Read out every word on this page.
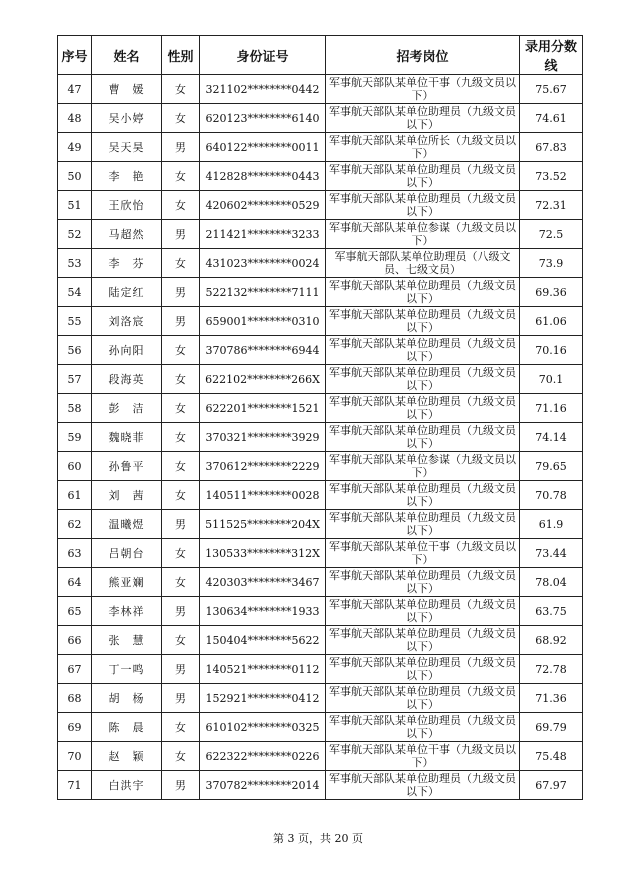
序号	姓名	性别	身份证号	招考岗位	录用分数线
47	曹　媛	女	321102********0442	军事航天部队某单位干事（九级文员以下）	75.67
48	吴小婷	女	620123********6140	军事航天部队某单位助理员（九级文员以下）	74.61
49	吴天昊	男	640122********0011	军事航天部队某单位所长（九级文员以下）	67.83
50	李　艳	女	412828********0443	军事航天部队某单位助理员（九级文员以下）	73.52
51	王欣怡	女	420602********0529	军事航天部队某单位助理员（九级文员以下）	72.31
52	马超然	男	211421********3233	军事航天部队某单位参谋（九级文员以下）	72.5
53	李　芬	女	431023********0024	军事航天部队某单位助理员（八级文员、七级文员）	73.9
54	陆定红	男	522132********7111	军事航天部队某单位助理员（九级文员以下）	69.36
55	刘洛宸	男	659001********0310	军事航天部队某单位助理员（九级文员以下）	61.06
56	孙向阳	女	370786********6944	军事航天部队某单位助理员（九级文员以下）	70.16
57	段海英	女	622102********266X	军事航天部队某单位助理员（九级文员以下）	70.1
58	彭　洁	女	622201********1521	军事航天部队某单位助理员（九级文员以下）	71.16
59	魏晓菲	女	370321********3929	军事航天部队某单位助理员（九级文员以下）	74.14
60	孙鲁平	女	370612********2229	军事航天部队某单位参谋（九级文员以下）	79.65
61	刘　茜	女	140511********0028	军事航天部队某单位助理员（九级文员以下）	70.78
62	温曦煜	男	511525********204X	军事航天部队某单位助理员（九级文员以下）	61.9
63	吕朝台	女	130533********312X	军事航天部队某单位干事（九级文员以下）	73.44
64	熊亚斓	女	420303********3467	军事航天部队某单位助理员（九级文员以下）	78.04
65	李林祥	男	130634********1933	军事航天部队某单位助理员（九级文员以下）	63.75
66	张　慧	女	150404********5622	军事航天部队某单位助理员（九级文员以下）	68.92
67	丁一鸣	男	140521********0112	军事航天部队某单位助理员（九级文员以下）	72.78
68	胡　杨	男	152921********0412	军事航天部队某单位助理员（九级文员以下）	71.36
69	陈　晨	女	610102********0325	军事航天部队某单位助理员（九级文员以下）	69.79
70	赵　颖	女	622322********0226	军事航天部队某单位干事（九级文员以下）	75.48
71	白洪宇	男	370782********2014	军事航天部队某单位助理员（九级文员以下）	67.97
第 3 页，共 20 页
